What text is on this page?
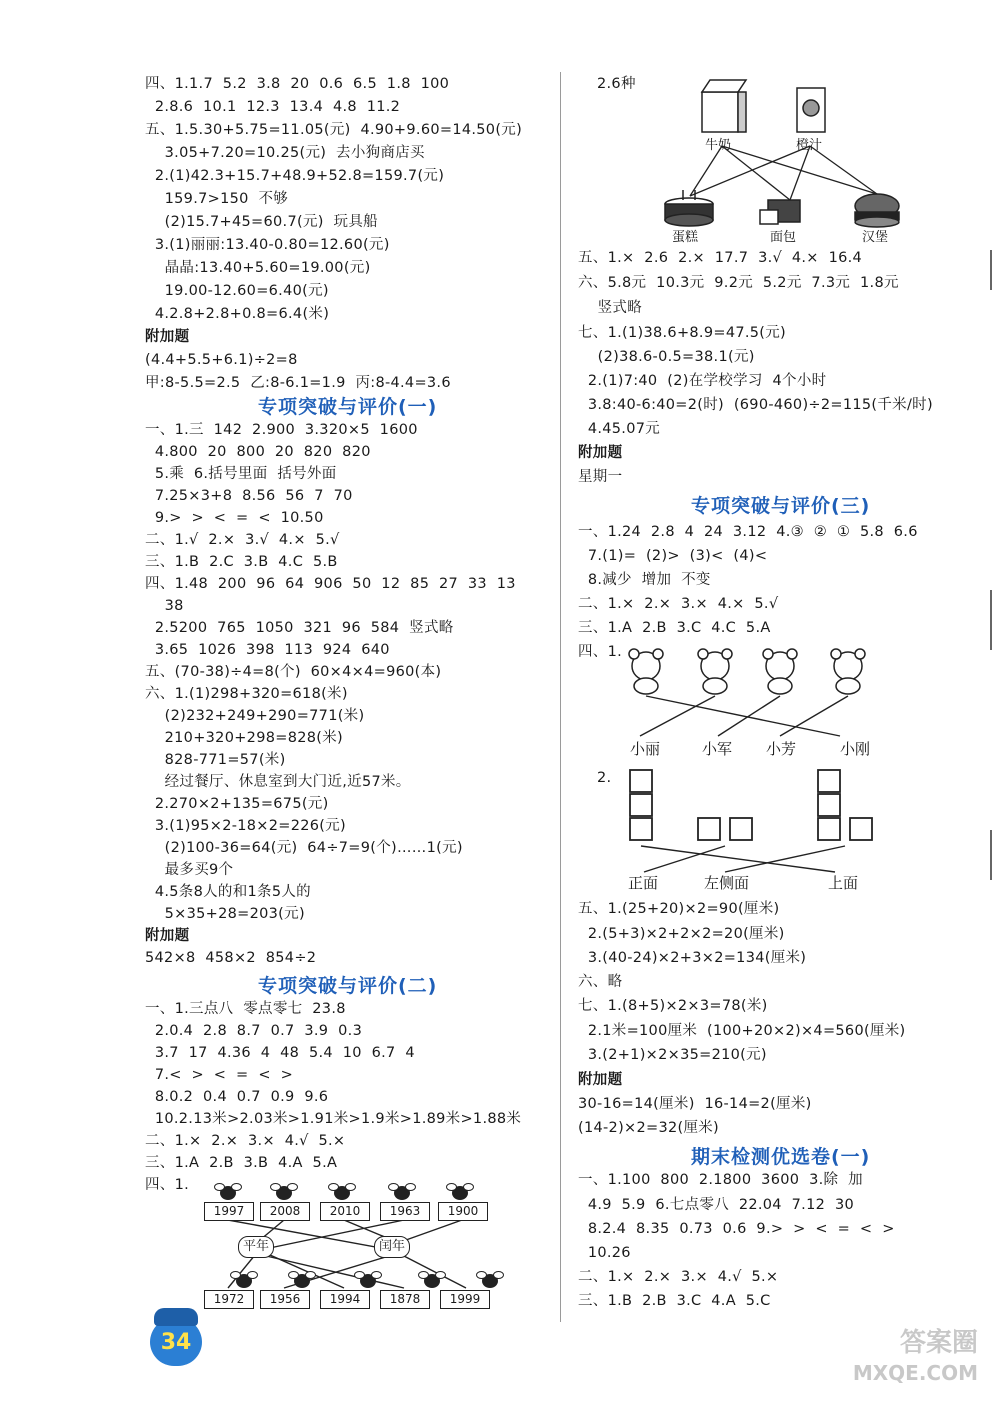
四、1.1.7  5.2  3.8  20  0.6  6.5  1.8  100
2.8.6  10.1  12.3  13.4  4.8  11.2
五、1.5.30+5.75=11.05(元)  4.90+9.60=14.50(元)
3.05+7.20=10.25(元)  去小狗商店买
2.(1)42.3+15.7+48.9+52.8=159.7(元)
159.7>150  不够
(2)15.7+45=60.7(元)  玩具船
3.(1)丽丽:13.40-0.80=12.60(元)
晶晶:13.40+5.60=19.00(元)
19.00-12.60=6.40(元)
4.2.8+2.8+0.8=6.4(米)
附加题
(4.4+5.5+6.1)÷2=8
甲:8-5.5=2.5  乙:8-6.1=1.9  丙:8-4.4=3.6
专项突破与评价(一)
一、1.三  142  2.900  3.320×5  1600
4.800  20  800  20  820  820
5.乘  6.括号里面  括号外面
7.25×3+8  8.56  56  7  70
9.>  >  <  =  <  10.50
二、1.√  2.×  3.√  4.×  5.√
三、1.B  2.C  3.B  4.C  5.B
四、1.48  200  96  64  906  50  12  85  27  33  13
38
2.5200  765  1050  321  96  584  竖式略
3.65  1026  398  113  924  640
五、(70-38)÷4=8(个)  60×4×4=960(本)
六、1.(1)298+320=618(米)
(2)232+249+290=771(米)
210+320+298=828(米)
828-771=57(米)
经过餐厅、休息室到大门近,近57米。
2.270×2+135=675(元)
3.(1)95×2-18×2=226(元)
(2)100-36=64(元)  64÷7=9(个)……1(元)
最多买9个
4.5条8人的和1条5人的
5×35+28=203(元)
附加题
542×8  458×2  854÷2
专项突破与评价(二)
一、1.三点八  零点零七  23.8
2.0.4  2.8  8.7  0.7  3.9  0.3
3.7  17  4.36  4  48  5.4  10  6.7  4
7.<  >  <  =  <  >
8.0.2  0.4  0.7  0.9  9.6
10.2.13米>2.03米>1.91米>1.9米>1.89米>1.88米
二、1.×  2.×  3.×  4.√  5.×
三、1.A  2.B  3.B  4.A  5.A
四、1.
1997	2008	2010	1963	1900
平年	闰年
1972	1956	1994	1878	1999
34
2.6种
牛奶	橙汁
蛋糕	面包	汉堡
五、1.×  2.6  2.×  17.7  3.√  4.×  16.4
六、5.8元  10.3元  9.2元  5.2元  7.3元  1.8元
竖式略
七、1.(1)38.6+8.9=47.5(元)
(2)38.6-0.5=38.1(元)
2.(1)7:40  (2)在学校学习  4个小时
3.8:40-6:40=2(时)  (690-460)÷2=115(千米/时)
4.45.07元
附加题
星期一
专项突破与评价(三)
一、1.24  2.8  4  24  3.12  4.③  ②  ①  5.8  6.6
7.(1)=  (2)>  (3)<  (4)<
8.减少  增加  不变
二、1.×  2.×  3.×  4.×  5.√
三、1.A  2.B  3.C  4.C  5.A
四、1.
小丽	小军 小芳	小刚
2.
正面	左侧面	上面
五、1.(25+20)×2=90(厘米)
2.(5+3)×2+2×2=20(厘米)
3.(40-24)×2+3×2=134(厘米)
六、略
七、1.(8+5)×2×3=78(米)
2.1米=100厘米  (100+20×2)×4=560(厘米)
3.(2+1)×2×35=210(元)
附加题
30-16=14(厘米)  16-14=2(厘米)
(14-2)×2=32(厘米)
期末检测优选卷(一)
一、1.100  800  2.1800  3600  3.除  加
4.9  5.9  6.七点零八  22.04  7.12  30
8.2.4  8.35  0.73  0.6  9.>  >  <  =  <  >
10.26
二、1.×  2.×  3.×  4.√  5.×
三、1.B  2.B  3.C  4.A  5.C
答案圈
MXQE.COM
